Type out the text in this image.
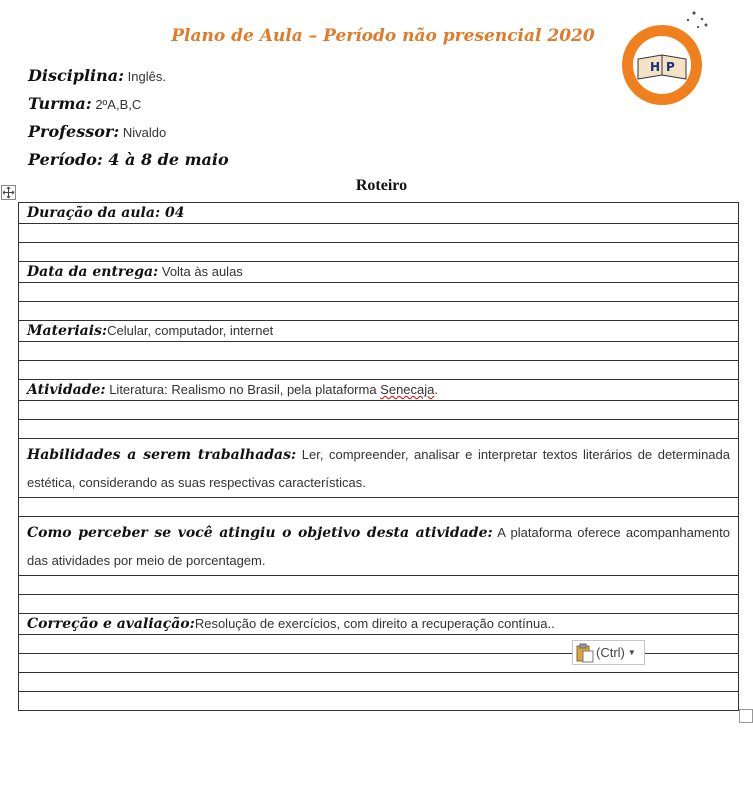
Plano de Aula – Período não presencial 2020
H P
Disciplina: Inglês.
Turma: 2ºA,B,C
Professor: Nivaldo
Período: 4 à 8 de maio
Roteiro
Duração da aula: 04

Data da entrega: Volta às aulas

Materiais:Celular, computador, internet

Atividade: Literatura: Realismo no Brasil, pela plataforma Senecaja.

Habilidades a serem trabalhadas: Ler, compreender, analisar e interpretar textos literários de determinada estética, considerando as suas respectivas características.

Como perceber se você atingiu o objetivo desta atividade: A plataforma oferece acompanhamento das atividades por meio de porcentagem.

Correção e avaliação:Resolução de exercícios, com direito a recuperação contínua..

(Ctrl) ▼
